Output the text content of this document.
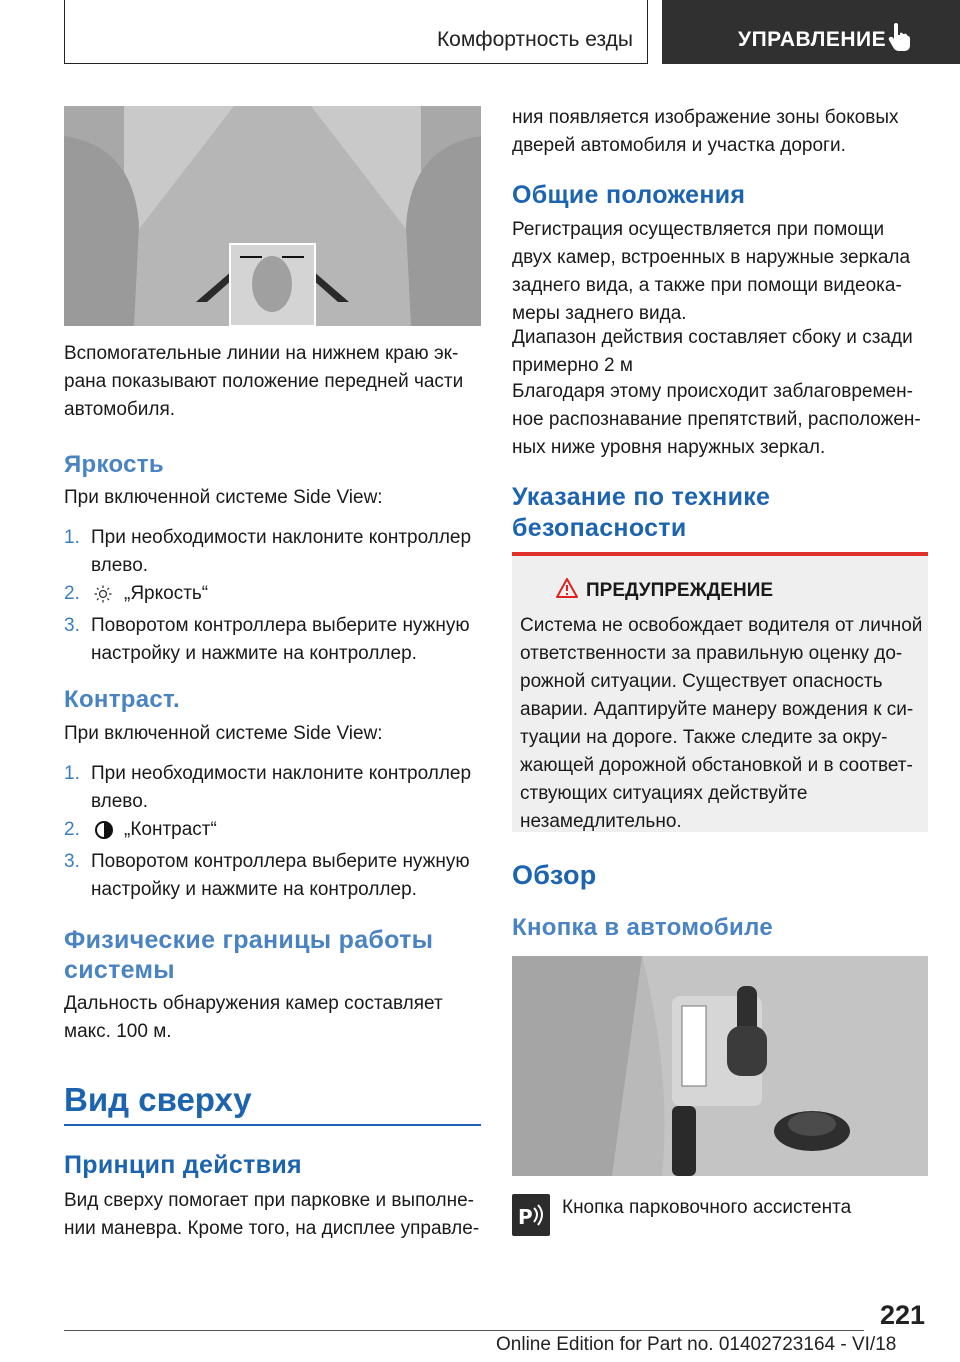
Комфортность езды	УПРАВЛЕНИЕ
Вспомогательные линии на нижнем краю эк‐
рана показывают положение передней части
автомобиля.
Яркость
При включенной системе Side View:
1. При необходимости наклоните контроллер
влево.
2. „Яркость“
3. Поворотом контроллера выберите нужную
настройку и нажмите на контроллер.
Контраст.
При включенной системе Side View:
1. При необходимости наклоните контроллер
влево.
2. „Контраст“
3. Поворотом контроллера выберите нужную
настройку и нажмите на контроллер.
Физические границы работы
системы
Дальность обнаружения камер составляет
макс. 100 м.
Вид сверху
Принцип действия
Вид сверху помогает при парковке и выполне‐
нии маневра. Кроме того, на дисплее управле‐
ния появляется изображение зоны боковых
дверей автомобиля и участка дороги.
Общие положения
Регистрация осуществляется при помощи
двух камер, встроенных в наружные зеркала
заднего вида, а также при помощи видеока‐
меры заднего вида.
Диапазон действия составляет сбоку и сзади
примерно 2 м
Благодаря этому происходит заблаговремен‐
ное распознавание препятствий, расположен‐
ных ниже уровня наружных зеркал.
Указание по технике
безопасности
ПРЕДУПРЕЖДЕНИЕ
Система не освобождает водителя от личной
ответственности за правильную оценку до‐
рожной ситуации. Существует опасность
аварии. Адаптируйте манеру вождения к си‐
туации на дороге. Также следите за окру‐
жающей дорожной обстановкой и в соответ‐
ствующих ситуациях действуйте
незамедлительно.
Обзор
Кнопка в автомобиле
P Кнопка парковочного ассистента
221
Online Edition for Part no. 01402723164 - VI/18
